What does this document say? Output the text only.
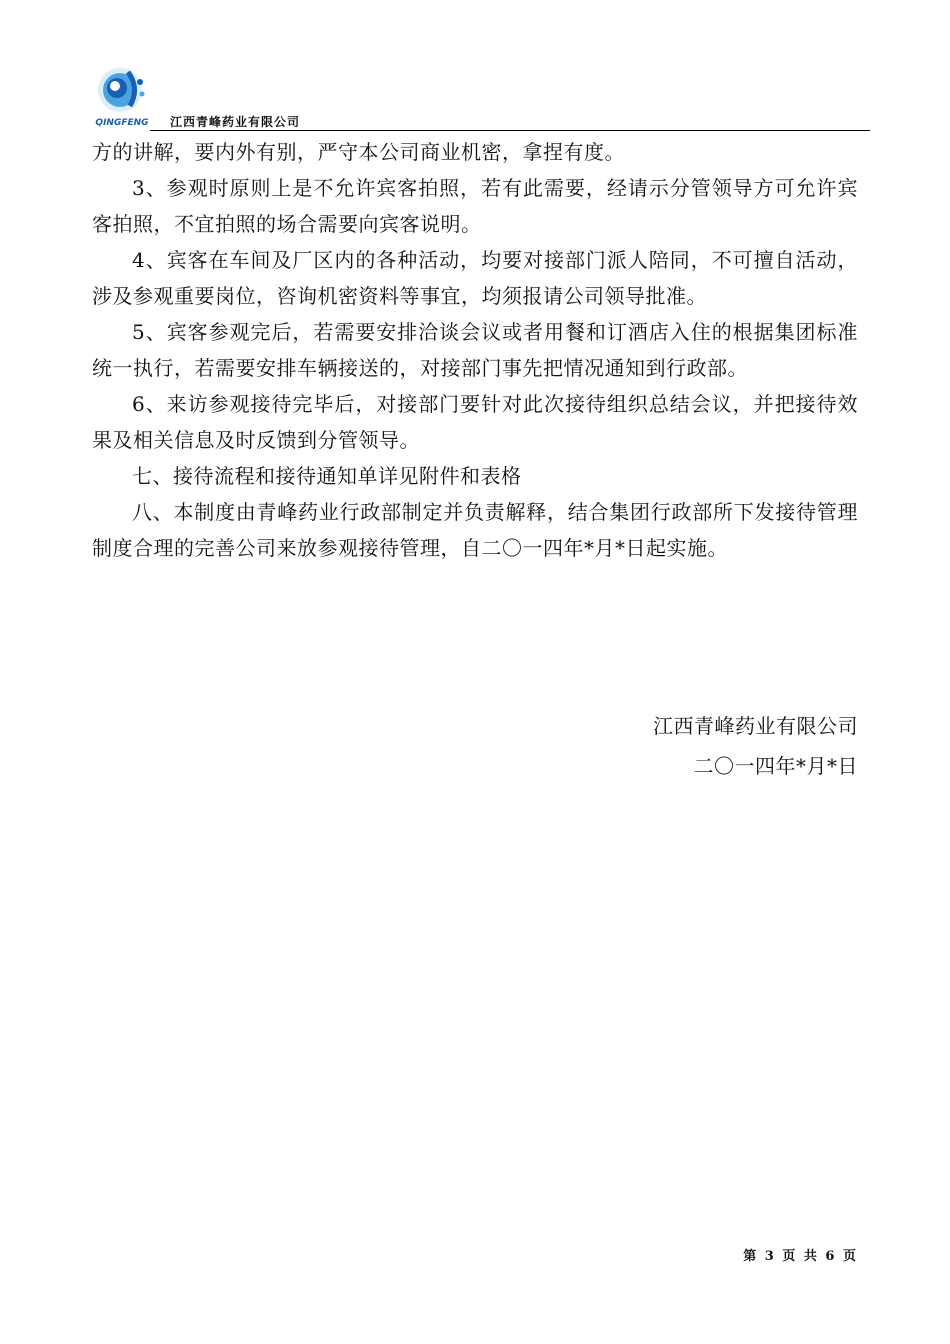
QINGFENG 江西青峰药业有限公司

方的讲解，要内外有别，严守本公司商业机密，拿捏有度。

3、参观时原则上是不允许宾客拍照，若有此需要，经请示分管领导方可允许宾客拍照，不宜拍照的场合需要向宾客说明。

4、宾客在车间及厂区内的各种活动，均要对接部门派人陪同，不可擅自活动，涉及参观重要岗位，咨询机密资料等事宜，均须报请公司领导批准。

5、宾客参观完后，若需要安排洽谈会议或者用餐和订酒店入住的根据集团标准统一执行，若需要安排车辆接送的，对接部门事先把情况通知到行政部。

6、来访参观接待完毕后，对接部门要针对此次接待组织总结会议，并把接待效果及相关信息及时反馈到分管领导。

七、接待流程和接待通知单详见附件和表格

八、本制度由青峰药业行政部制定并负责解释，结合集团行政部所下发接待管理制度合理的完善公司来放参观接待管理，自二〇一四年*月*日起实施。

江西青峰药业有限公司
二〇一四年*月*日
第 3 页 共 6 页
